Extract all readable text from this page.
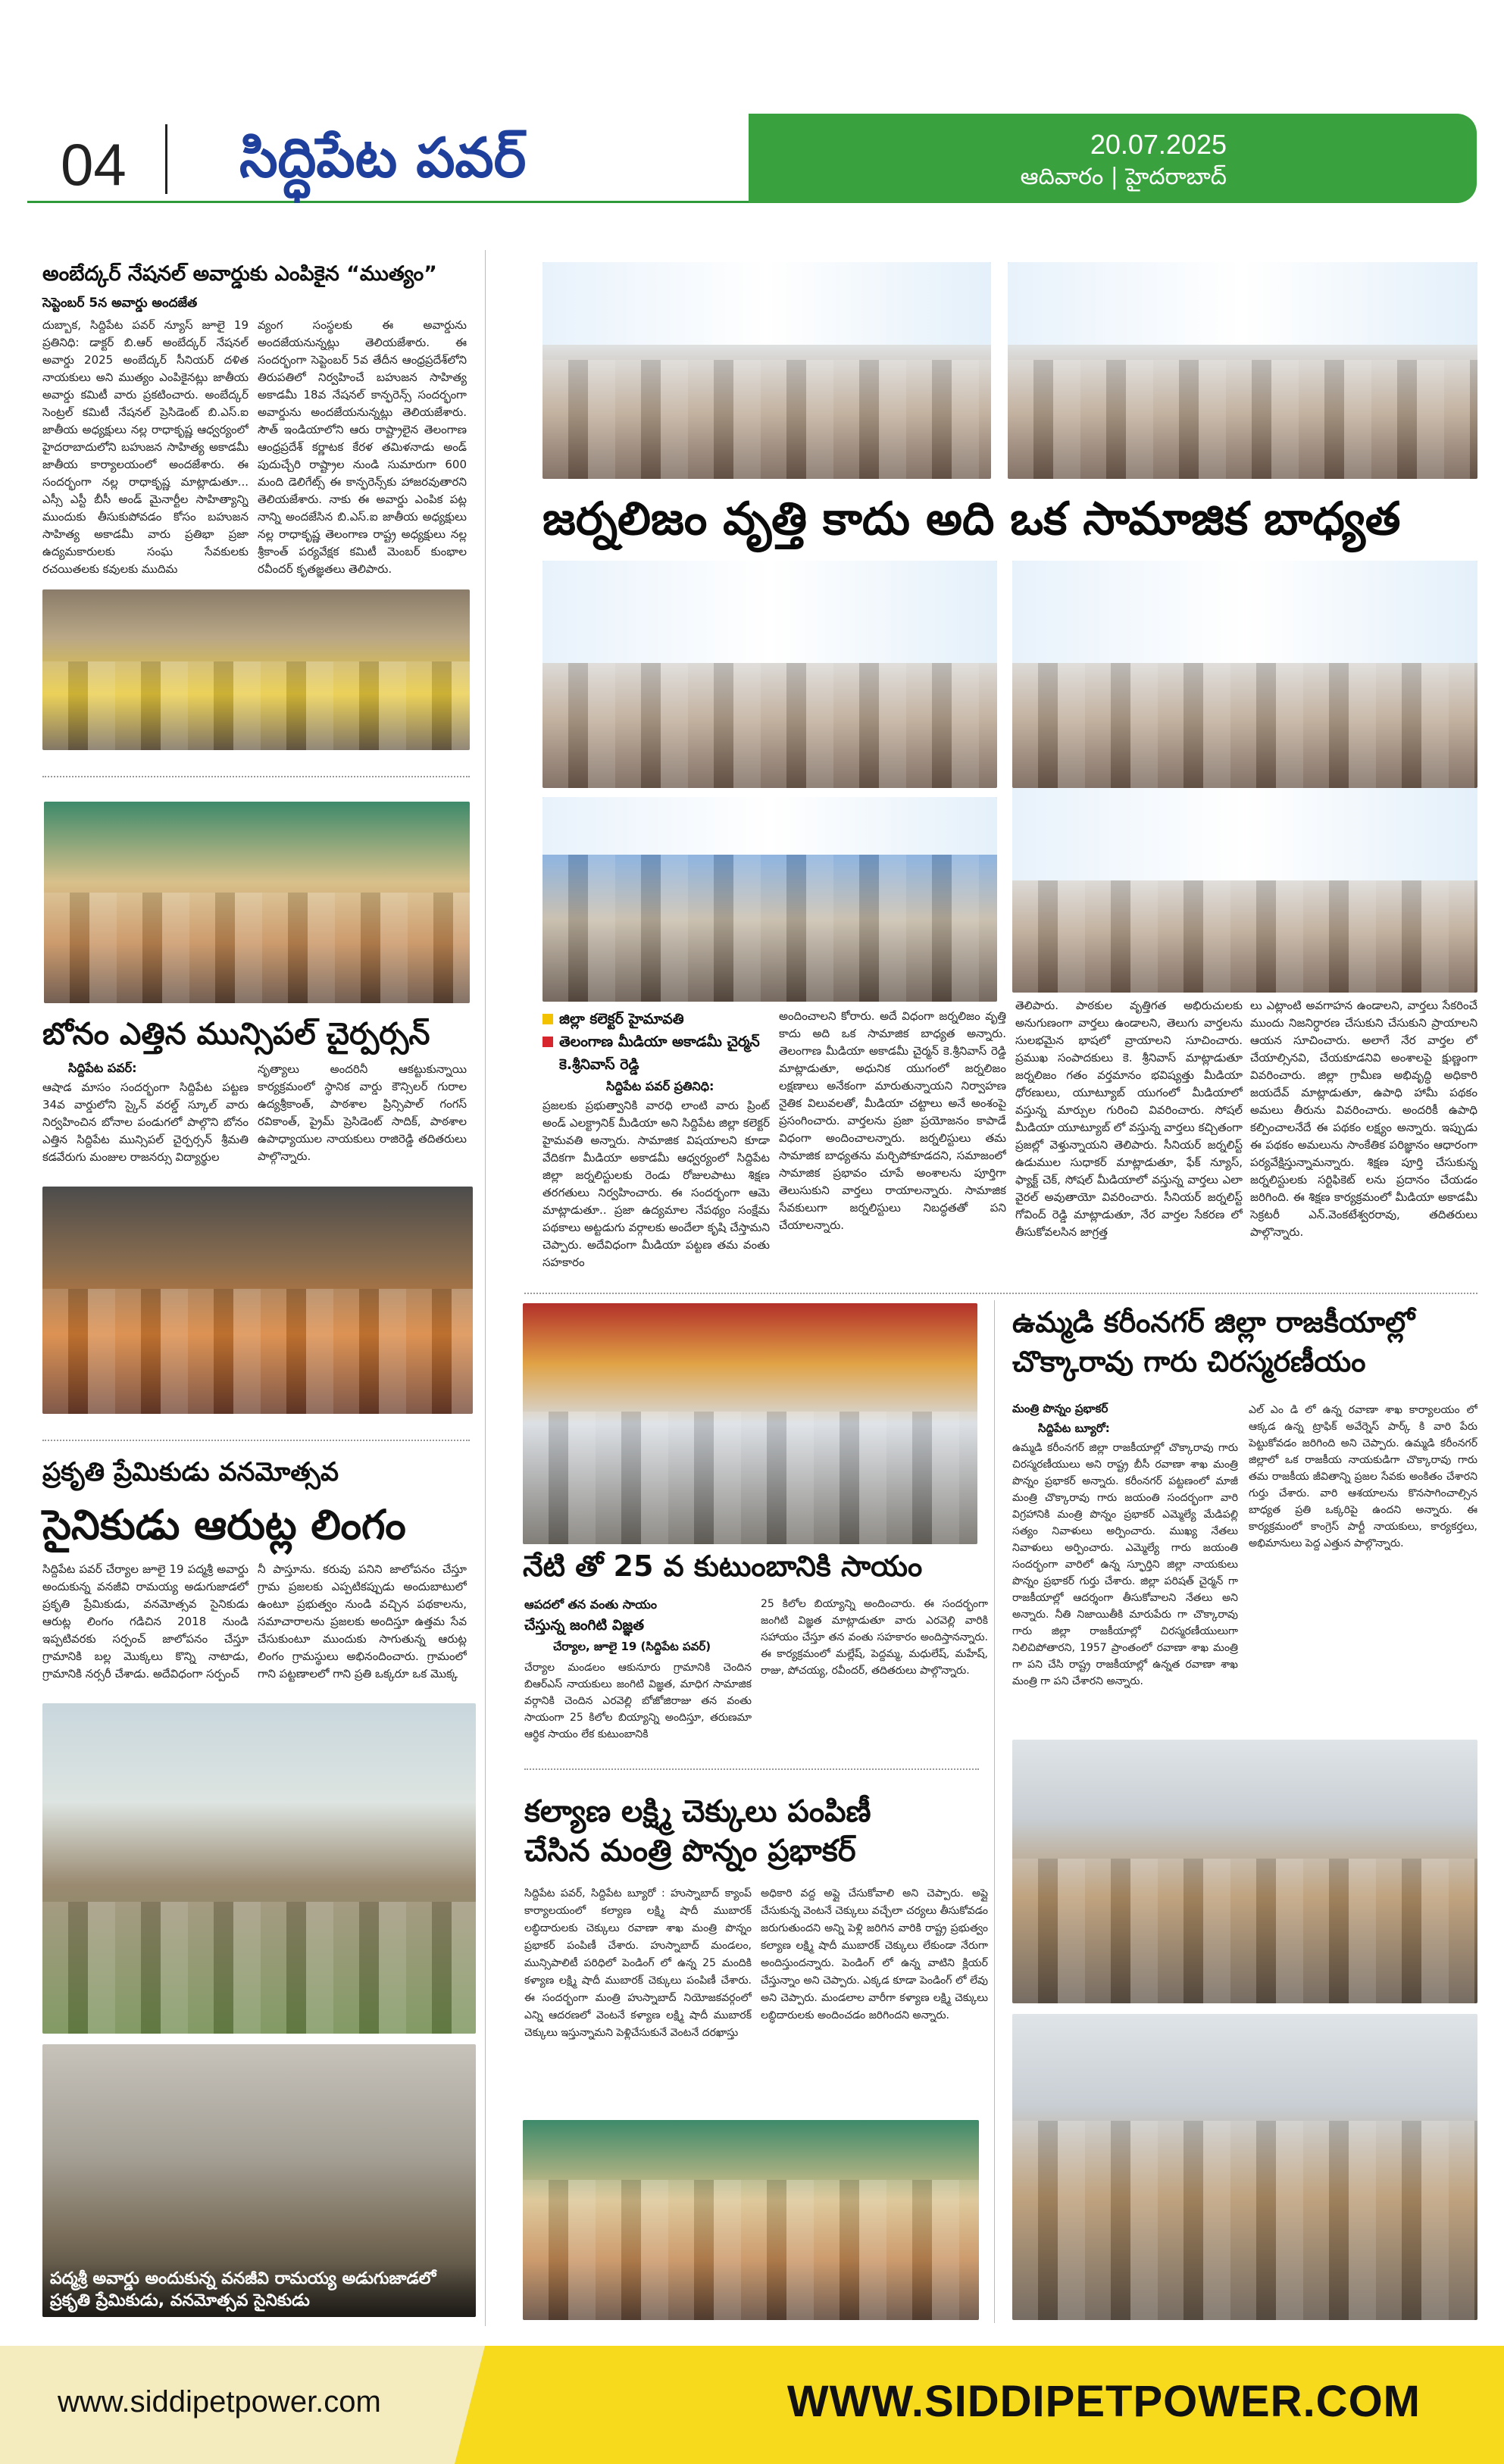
04 సిద్ధిపేట పవర్	20.07.2025
ఆదివారం | హైదరాబాద్
అంబేద్కర్ నేషనల్ అవార్డుకు ఎంపికైన “ముత్యం”
సెప్టెంబర్ 5న అవార్డు అందజేత
దుబ్బాక, సిద్దిపేట పవర్ న్యూస్ జూలై 19 ప్రతినిధి: డాక్టర్ బి.ఆర్ అంబేద్కర్ నేషనల్ అవార్డు 2025 అంబేద్కర్ సీనియర్ దళిత నాయకులు అని ముత్యం ఎంపికైనట్లు జాతీయ అవార్డు కమిటీ వారు ప్రకటించారు. అంబేద్కర్ సెంట్రల్ కమిటీ నేషనల్ ప్రెసిడెంట్ బి.ఎస్.ఐ జాతీయ అధ్యక్షులు నల్ల రాధాకృష్ణ ఆధ్వర్యంలో హైదరాబాదులోని బహుజన సాహిత్య అకాడమీ జాతీయ కార్యాలయంలో అందజేశారు. ఈ సందర్భంగా నల్ల రాధాకృష్ణ మాట్లాడుతూ... ఎస్సీ ఎస్టీ బీసీ అండ్ మైనార్టీల సాహిత్యాన్ని ముందుకు తీసుకుపోవడం కోసం బహుజన సాహిత్య అకాడమీ వారు ప్రతిభా ప్రజా ఉద్యమకారులకు సంఘ సేవకులకు రచయితలకు కవులకు ముదిమ
వ్యంగ సంస్థలకు ఈ అవార్డును అందజేయనున్నట్లు తెలియజేశారు. ఈ సందర్భంగా సెప్టెంబర్ 5వ తేదీన ఆంధ్రప్రదేశ్‌లోని తిరుపతిలో నిర్వహించే బహుజన సాహిత్య అకాడమీ 18వ నేషనల్ కాన్ఫరెన్స్ సందర్భంగా అవార్డును అందజేయనున్నట్లు తెలియజేశారు. సౌత్ ఇండియాలోని ఆరు రాష్ట్రాలైన తెలంగాణ ఆంధ్రప్రదేశ్ కర్ణాటక కేరళ తమిళనాడు అండ్ పుదుచ్చేరి రాష్ట్రాల నుండి సుమారుగా 600 మంది డెలిగేట్స్ ఈ కాన్ఫరెన్స్‌కు హాజరవుతారని తెలియజేశారు. నాకు ఈ అవార్డు ఎంపిక పట్ల నాన్ని అందజేసిన బి.ఎస్.ఐ జాతీయ అధ్యక్షులు నల్ల రాధాకృష్ణ తెలంగాణ రాష్ట్ర అధ్యక్షులు నల్ల శ్రీకాంత్ పర్యవేక్షక కమిటీ మెంబర్ కుంభాల రవీందర్ కృతజ్ఞతలు తెలిపారు.
బోనం ఎత్తిన మున్సిపల్ చైర్పర్సన్
సిద్దిపేట పవర్:
ఆషాడ మాసం సందర్భంగా సిద్దిపేట పట్టణ 34వ వార్డులోని స్కైన్ వరల్డ్ స్కూల్ వారు నిర్వహించిన బోనాల పండుగలో పాల్గొని బోనం ఎత్తిన సిద్దిపేట మున్సిపల్ చైర్పర్సన్ శ్రీమతి కడవేరుగు మంజుల రాజనర్సు విద్యార్థుల
నృత్యాలు అందరినీ ఆకట్టుకున్నాయి కార్యక్రమంలో స్థానిక వార్డు కౌన్సిలర్ గురాల ఉద్యశ్రీకాంత్, పాఠశాల ప్రిన్సిపాల్ గంగస్ రవికాంత్, ప్రైమ్ ప్రెసిడెంట్ సాదిక్, పాఠశాల ఉపాధ్యాయుల నాయకులు రాజిరెడ్డి తదితరులు పాల్గొన్నారు.
ప్రకృతి ప్రేమికుడు వనమోత్సవ
సైనికుడు ఆరుట్ల లింగం
సిద్దిపేట పవర్ చేర్యాల జూలై 19 పద్మశ్రీ అవార్డు అందుకున్న వనజీవి రామయ్య అడుగుజాడలో ప్రకృతి ప్రేమికుడు, వనమోత్సవ సైనికుడు ఆరుట్ల లింగం గడిచిన 2018 నుండి ఇప్పటివరకు సర్పంచ్ జాలోపనం చేస్తూ గ్రామానికి బల్ల మొక్కలు కొన్ని నాటాడు, గ్రామానికి నర్సరీ చేశాడు. అదేవిధంగా సర్పంచ్
నీ పాస్తూను. కరువు పనిని జాలోపనం చేస్తూ గ్రామ ప్రజలకు ఎప్పటికప్పుడు అందుబాటులో ఉంటూ ప్రభుత్వం నుండి వచ్చిన పథకాలను, సమాచారాలను ప్రజలకు అందిస్తూ ఉత్తమ సేవ చేసుకుంటూ ముందుకు సాగుతున్న ఆరుట్ల లింగం గ్రామస్థులు అభినందించారు. గ్రామంలో గాని పట్టణాలలో గాని ప్రతి ఒక్కరూ ఒక మొక్క
పద్మశ్రీ అవార్డు అందుకున్న వనజీవి రామయ్య అడుగుజాడలో ప్రకృతి ప్రేమికుడు, వనమోత్సవ సైనికుడు
జర్నలిజం వృత్తి కాదు అది ఒక సామాజిక బాధ్యత
జిల్లా కలెక్టర్ హైమావతి
తెలంగాణ మీడియా అకాడమీ చైర్మన్
కె.శ్రీనివాస్ రెడ్డి
సిద్దిపేట పవర్ ప్రతినిధి:
ప్రజలకు ప్రభుత్వానికి వారధి లాంటి వారు ప్రింట్ అండ్ ఎలక్ట్రానిక్ మీడియా అని సిద్దిపేట జిల్లా కలెక్టర్ హైమవతి అన్నారు. సామాజిక విషయాలని కూడా వేదికగా మీడియా అకాడమీ ఆధ్వర్యంలో సిద్దిపేట జిల్లా జర్నలిస్టులకు రెండు రోజులపాటు శిక్షణ తరగతులు నిర్వహించారు. ఈ సందర్భంగా ఆమె మాట్లాడుతూ.. ప్రజా ఉద్యమాల నేపథ్యం సంక్షేమ పథకాలు అట్టడుగు వర్గాలకు అందేలా కృషి చేస్తామని చెప్పారు. అదేవిధంగా మీడియా పట్టణ తమ వంతు సహకారం
అందించాలని కోరారు. అదే విధంగా జర్నలిజం వృత్తి కాదు అది ఒక సామాజిక బాధ్యత అన్నారు. తెలంగాణ మీడియా అకాడమీ చైర్మన్ కె.శ్రీనివాస్ రెడ్డి మాట్లాడుతూ, అధునిక యుగంలో జర్నలిజం లక్షణాలు అనేకంగా మారుతున్నాయని నిర్వాహణ నైతిక విలువలతో, మీడియా చట్టాలు అనే అంశంపై ప్రసంగించారు. వార్తలను ప్రజా ప్రయోజనం కాపాడే విధంగా అందించాలన్నారు. జర్నలిస్టులు తమ సామాజిక బాధ్యతను మర్చిపోకూడదని, సమాజంలో సామాజిక ప్రభావం చూపే అంశాలను పూర్తిగా తెలుసుకుని వార్తలు రాయాలన్నారు. సామాజిక సేవకులుగా జర్నలిస్టులు నిబద్ధతతో పని చేయాలన్నారు.
తెలిపారు. పాఠకుల వృత్తిగత అభిరుచులకు అనుగుణంగా వార్తలు ఉండాలని, తెలుగు వార్తలను సులభమైన భాషలో వ్రాయాలని సూచించారు. ప్రముఖ సంపాదకులు కె. శ్రీనివాస్ మాట్లాడుతూ జర్నలిజం గతం వర్తమానం భవిష్యత్తు మీడియా ధోరణులు, యూట్యూబ్ యుగంలో మీడియాలో వస్తున్న మార్పుల గురించి వివరించారు. సోషల్ మీడియా యూట్యూబ్ లో వస్తున్న వార్తలు కచ్చితంగా ప్రజల్లో వెళ్తున్నాయని తెలిపారు. సీనియర్ జర్నలిస్ట్ ఉడుముల సుధాకర్ మాట్లాడుతూ, ఫేక్ న్యూస్, ఫ్యాక్ట్ చెక్, సోషల్ మీడియాలో వస్తున్న వార్తలు ఎలా వైరల్ అవుతాయో వివరించారు. సీనియర్ జర్నలిస్ట్ గోవింద్ రెడ్డి మాట్లాడుతూ, నేర వార్తల సేకరణ లో తీసుకోవలసిన జాగ్రత్త
లు ఎట్లాంటి అవగాహన ఉండాలని, వార్తలు సేకరించే ముందు నిజనిర్ధారణ చేసుకుని చేసుకుని ప్రాయాలని ఆయన సూచించారు. అలాగే నేర వార్తల లో చేయాల్సినవి, చేయకూడనివి అంశాలపై క్షుణ్ణంగా వివరించారు. జిల్లా గ్రామీణ అభివృద్ధి అధికారి జయదేవ్ మాట్లాడుతూ, ఉపాధి హామీ పథకం అమలు తీరును వివరించారు. అందరికీ ఉపాధి కల్పించాలనేదే ఈ పథకం లక్ష్యం అన్నారు. ఇప్పుడు ఈ పథకం అమలును సాంకేతిక పరిజ్ఞానం ఆధారంగా పర్యవేక్షిస్తున్నామన్నారు. శిక్షణ పూర్తి చేసుకున్న జర్నలిస్టులకు సర్టిఫికెట్ లను ప్రదానం చేయడం జరిగింది. ఈ శిక్షణ కార్యక్రమంలో మీడియా అకాడమీ సెక్రటరీ ఎన్.వెంకటేశ్వరరావు, తదితరులు పాల్గొన్నారు.
నేటి తో 25 వ కుటుంబానికి సాయం
ఆపదలో తన వంతు సాయం
చేస్తున్న జంగిటి విజ్ఞత
చేర్యాల, జూలై 19 (సిద్దిపేట పవర్)
చేర్యాల మండలం ఆకునూరు గ్రామానికి చెందిన బిఆర్ఎస్ నాయకులు జంగిటి విజ్ఞత, మాధిగ సామాజిక వర్గానికి చెందిన ఎరవెల్లి బోజోజిరాజు తన వంతు సాయంగా 25 కిలోల బియ్యాన్ని అందిస్తూ, తరుణమా ఆర్థిక సాయం లేక కుటుంబానికి
25 కిలోల బియ్యాన్ని అందించారు. ఈ సందర్భంగా జంగిటి విజ్ఞత మాట్లాడుతూ వారు ఎరవెల్లి వారికి సహాయం చేస్తూ తన వంతు సహకారం అందిస్తానన్నారు. ఈ కార్యక్రమంలో మల్లేష్, పెద్దమ్మ, మధులేష్, మహేష్, రాజు, పోచయ్య, రవీందర్, తదితరులు పాల్గొన్నారు.
కల్యాణ లక్ష్మి చెక్కులు పంపిణీ
చేసిన మంత్రి పొన్నం ప్రభాకర్
సిద్దిపేట పవర్, సిద్దిపేట బ్యూరో : హుస్నాబాద్ క్యాంప్ కార్యాలయంలో కల్యాణ లక్ష్మి షాదీ ముబారక్ లబ్ధిదారులకు చెక్కులు రవాణా శాఖ మంత్రి పొన్నం ప్రభాకర్ పంపిణీ చేశారు. హుస్నాబాద్ మండలం, మున్సిపాలిటీ పరిధిలో పెండింగ్ లో ఉన్న 25 మందికి కళ్యాణ లక్ష్మి షాదీ ముబారక్ చెక్కులు పంపిణీ చేశారు. ఈ సందర్భంగా మంత్రి హుస్నాబాద్ నియోజకవర్గంలో ఎన్ని ఆదరణలో వెంటనే కళ్యాణ లక్ష్మి షాదీ ముబారక్ చెక్కులు ఇస్తున్నామని పెళ్లిచేసుకునే వెంటనే దరఖాస్తు
అధికారి వద్ద అప్లై చేసుకోవాలి అని చెప్పారు. అప్లై చేసుకున్న వెంటనే చెక్కులు వచ్చేలా చర్యలు తీసుకోవడం జరుగుతుందని అన్ని పెళ్లి జరిగిన వారికి రాష్ట్ర ప్రభుత్వం కల్యాణ లక్ష్మి షాదీ ముబారక్ చెక్కులు లేకుండా నేరుగా అందిస్తుందన్నారు. పెండింగ్ లో ఉన్న వాటిని క్లియర్ చేస్తున్నాం అని చెప్పారు. ఎక్కడ కూడా పెండింగ్ లో లేవు అని చెప్పారు. మండలాల వారీగా కళ్యాణ లక్ష్మి చెక్కులు లబ్ధిదారులకు అందించడం జరిగిందని అన్నారు.
ఉమ్మడి కరీంనగర్ జిల్లా రాజకీయాల్లో
చొక్కారావు గారు చిరస్మరణీయం
మంత్రి పొన్నం ప్రభాకర్
సిద్దిపేట బ్యూరో:
ఉమ్మడి కరీంనగర్ జిల్లా రాజకీయాల్లో చొక్కారావు గారు చిరస్మరణీయులు అని రాష్ట్ర బీసీ రవాణా శాఖ మంత్రి పొన్నం ప్రభాకర్ అన్నారు. కరీంనగర్ పట్టణంలో మాజీ మంత్రి చొక్కారావు గారు జయంతి సందర్భంగా వారి విగ్రహానికి మంత్రి పొన్నం ప్రభాకర్ ఎమ్మెల్యే మేడిపల్లి సత్యం నివాళులు అర్పించారు. ముఖ్య నేతలు నివాళులు అర్పించారు. ఎమ్మెల్యే గారు జయంతి సందర్భంగా వారిలో ఉన్న స్ఫూర్తిని జిల్లా నాయకులు పొన్నం ప్రభాకర్ గుర్తు చేశారు. జిల్లా పరిషత్ చైర్మన్ గా రాజకీయాల్లో ఆదర్శంగా తీసుకోవాలని నేతలు అని అన్నారు. నీతి నిజాయితీకి మారుపేరు గా చొక్కారావు గారు జిల్లా రాజకీయాల్లో చిరస్మరణీయులుగా నిలిచిపోతారని, 1957 ప్రాంతంలో రవాణా శాఖ మంత్రి గా పని చేసి రాష్ట్ర రాజకీయాల్లో ఉన్నత రవాణా శాఖ మంత్రి గా పని చేశారని అన్నారు.
ఎల్ ఎం డి లో ఉన్న రవాణా శాఖ కార్యాలయం లో ఆక్కడ ఉన్న ట్రాఫిక్ అవేర్నెస్ పార్క్ కి వారి పేరు పెట్టుకోవడం జరిగింది అని చెప్పారు. ఉమ్మడి కరీంనగర్ జిల్లాలో ఒక రాజకీయ నాయకుడిగా చొక్కారావు గారు తమ రాజకీయ జీవితాన్ని ప్రజల సేవకు అంకితం చేశారని గుర్తు చేశారు. వారి ఆశయాలను కొనసాగించాల్సిన బాధ్యత ప్రతి ఒక్కరిపై ఉందని అన్నారు. ఈ కార్యక్రమంలో కాంగ్రెస్ పార్టీ నాయకులు, కార్యకర్తలు, అభిమానులు పెద్ద ఎత్తున పాల్గొన్నారు.
www.siddipetpower.com	WWW.SIDDIPETPOWER.COM
